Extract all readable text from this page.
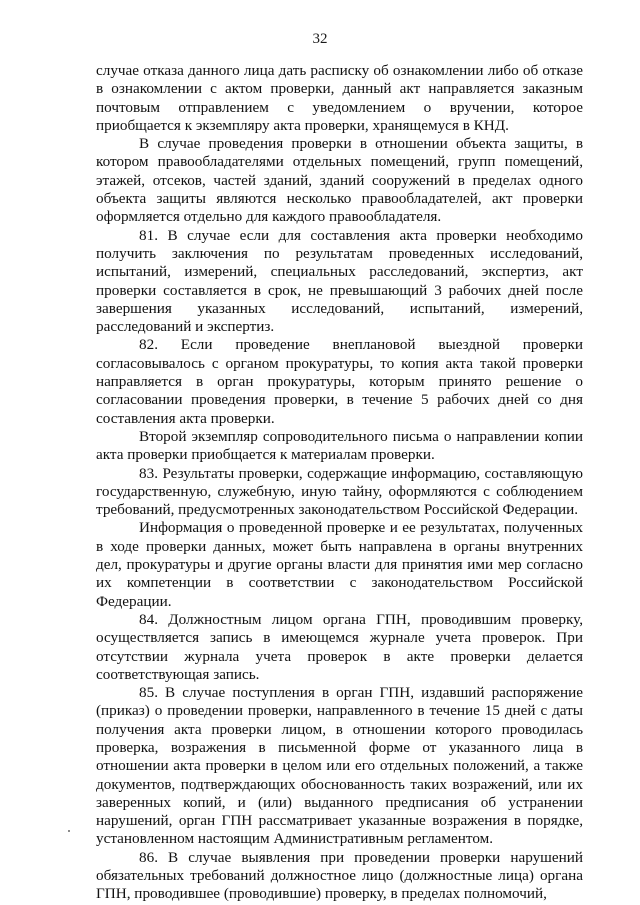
32

случае отказа данного лица дать расписку об ознакомлении либо об отказе в ознакомлении с актом проверки, данный акт направляется заказным почтовым отправлением с уведомлением о вручении, которое приобщается к экземпляру акта проверки, хранящемуся в КНД.

В случае проведения проверки в отношении объекта защиты, в котором правообладателями отдельных помещений, групп помещений, этажей, отсеков, частей зданий, зданий сооружений в пределах одного объекта защиты являются несколько правообладателей, акт проверки оформляется отдельно для каждого правообладателя.

81. В случае если для составления акта проверки необходимо получить заключения по результатам проведенных исследований, испытаний, измерений, специальных расследований, экспертиз, акт проверки составляется в срок, не превышающий 3 рабочих дней после завершения указанных исследований, испытаний, измерений, расследований и экспертиз.

82. Если проведение внеплановой выездной проверки согласовывалось с органом прокуратуры, то копия акта такой проверки направляется в орган прокуратуры, которым принято решение о согласовании проведения проверки, в течение 5 рабочих дней со дня составления акта проверки.

Второй экземпляр сопроводительного письма о направлении копии акта проверки приобщается к материалам проверки.

83. Результаты проверки, содержащие информацию, составляющую государственную, служебную, иную тайну, оформляются с соблюдением требований, предусмотренных законодательством Российской Федерации.

Информация о проведенной проверке и ее результатах, полученных в ходе проверки данных, может быть направлена в органы внутренних дел, прокуратуры и другие органы власти для принятия ими мер согласно их компетенции в соответствии с законодательством Российской Федерации.

84. Должностным лицом органа ГПН, проводившим проверку, осуществляется запись в имеющемся журнале учета проверок. При отсутствии журнала учета проверок в акте проверки делается соответствующая запись.

85. В случае поступления в орган ГПН, издавший распоряжение (приказ) о проведении проверки, направленного в течение 15 дней с даты получения акта проверки лицом, в отношении которого проводилась проверка, возражения в письменной форме от указанного лица в отношении акта проверки в целом или его отдельных положений, а также документов, подтверждающих обоснованность таких возражений, или их заверенных копий, и (или) выданного предписания об устранении нарушений, орган ГПН рассматривает указанные возражения в порядке, установленном настоящим Административным регламентом.

86. В случае выявления при проведении проверки нарушений обязательных требований должностное лицо (должностные лица) органа ГПН, проводившее (проводившие) проверку, в пределах полномочий,
